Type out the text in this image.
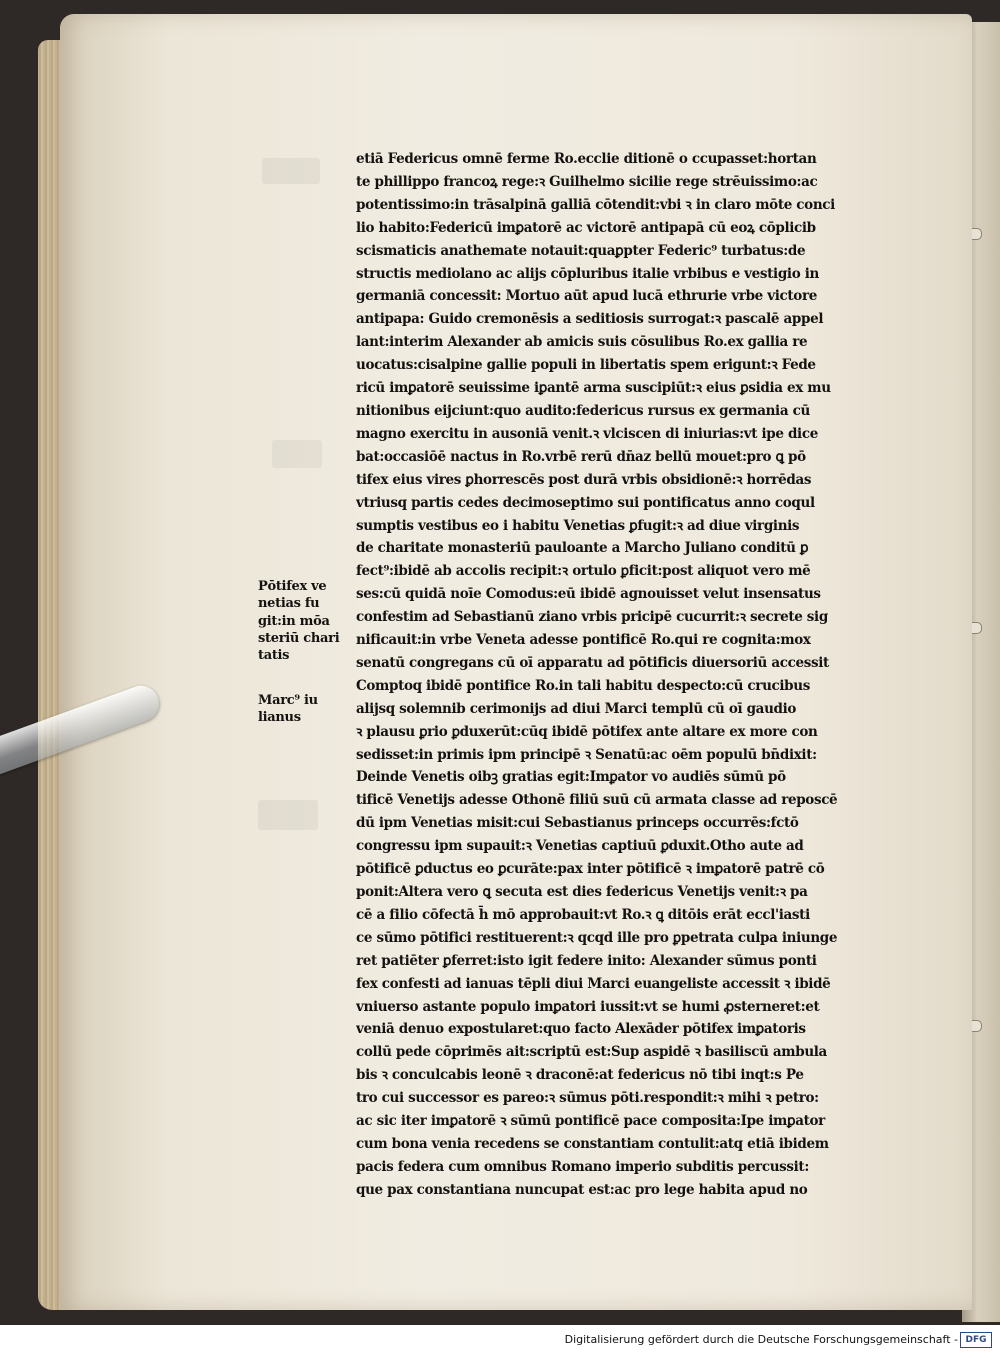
etiā Federicus omnē ferme Ro.ecclie ditionē o ccupasset:hortan
te phillippo francoꝝ rege:ꝛ Guilhelmo sicilie rege strēuissimo:ac
potentissimo:in trāsalpinā galliā cōtendit:vbi ꝛ in claro mōte conci
lio habito:Federicū imꝑatorē ac victorē antipapā cū eoꝝ cōplicib
scismaticis anathemate notauit:quaꝑpter Federic⁹ turbatus:de
structis mediolano ac alijs cōpluribus italie vrbibus e vestigio in
germaniā concessit: Mortuo aūt apud lucā ethrurie vrbe victore
antipapa: Guido cremonēsis a seditiosis surrogat:ꝛ pascalē appel
lant:interim Alexander ab amicis suis cōsulibus Ro.ex gallia re
uocatus:cisalpine gallie populi in libertatis spem erigunt:ꝛ Fede
ricū imꝑatorē seuissime iꝑantē arma suscipiūt:ꝛ eius ꝑsidia ex mu
nitionibus eijciunt:quo audito:federicus rursus ex germania cū
magno exercitu in ausoniā venit.ꝛ vlciscen di iniurias:vt ipe dice
bat:occasiōē nactus in Ro.vrbē rerū dn̄az bellū mouet:pro ꝗ pō
tifex eius vires ꝑhorrescēs post durā vrbis obsidionē:ꝛ horrēdas
vtriusq partis cedes decimoseptimo sui pontificatus anno coqul
sumptis vestibus eo i habitu Venetias ꝑfugit:ꝛ ad diue virginis
de charitate monasteriū pauloante a Marcho Juliano conditū ꝑ
fect⁹:ibidē ab accolis recipit:ꝛ ortulo ꝑficit:post aliquot vero mē
ses:cū quidā noīe Comodus:eū ibidē agnouisset velut insensatus
confestim ad Sebastianū ziano vrbis pricipē cucurrit:ꝛ secrete sig
nificauit:in vrbe Veneta adesse pontificē Ro.qui re cognita:mox
senatū congregans cū oī apparatu ad pōtificis diuersoriū accessit
Comptoq ibidē pontifice Ro.in tali habitu despecto:cū crucibus
alijsq solemnib cerimonijs ad diui Marci templū cū oī gaudio
ꝛ plausu ꝑrio ꝑduxerūt:cūq ibidē pōtifex ante altare ex more con
sedisset:in primis ipm principē ꝛ Senatū:ac oēm populū bn̄dixit:
Deinde Venetis oibꝫ gratias egit:Imꝑator vo audiēs sūmū pō
tificē Venetijs adesse Othonē filiū suū cū armata classe ad reposcē
dū ipm Venetias misit:cui Sebastianus princeps occurrēs:fctō
congressu ipm supauit:ꝛ Venetias captiuū ꝑduxit.Otho aute ad
pōtificē ꝑductus eo ꝑcurāte:pax inter pōtificē ꝛ imꝑatorē patrē cō
ponit:Altera vero ꝗ secuta est dies federicus Venetijs venit:ꝛ pa
cē a filio cōfectā h̄ mō approbauit:vt Ro.ꝛ ꝗ ditōis erāt eccl'iasti
ce sūmo pōtifici restituerent:ꝛ qcqd ille pro ꝑpetrata culpa iniunge
ret patiēter ꝑferret:isto igit federe inito: Alexander sūmus ponti
fex confesti ad ianuas tēpli diui Marci euangeliste accessit ꝛ ibidē
vniuerso astante populo imꝑatori iussit:vt se humi ꝓsterneret:et
veniā denuo expostularet:quo facto Alexāder pōtifex imꝑatoris
collū pede cōprimēs ait:scriptū est:Sup aspidē ꝛ basiliscū ambula
bis ꝛ conculcabis leonē ꝛ draconē:at federicus nō tibi inqt:s Pe
tro cui successor es pareo:ꝛ sūmus pōti.respondit:ꝛ mihi ꝛ petro:
ac sic iter imꝑatorē ꝛ sūmū pontificē pace composita:Ipe imꝑator
cum bona venia recedens se constantiam contulit:atq etiā ibidem
pacis federa cum omnibus Romano imperio subditis percussit:
que pax constantiana nuncupat est:ac pro lege habita apud no
Pōtifex ve
netias fu
git:in mōa
steriū chari
tatis
Marc⁹ iu
lianus
Digitalisierung gefördert durch die Deutsche Forschungsgemeinschaft - DFG
